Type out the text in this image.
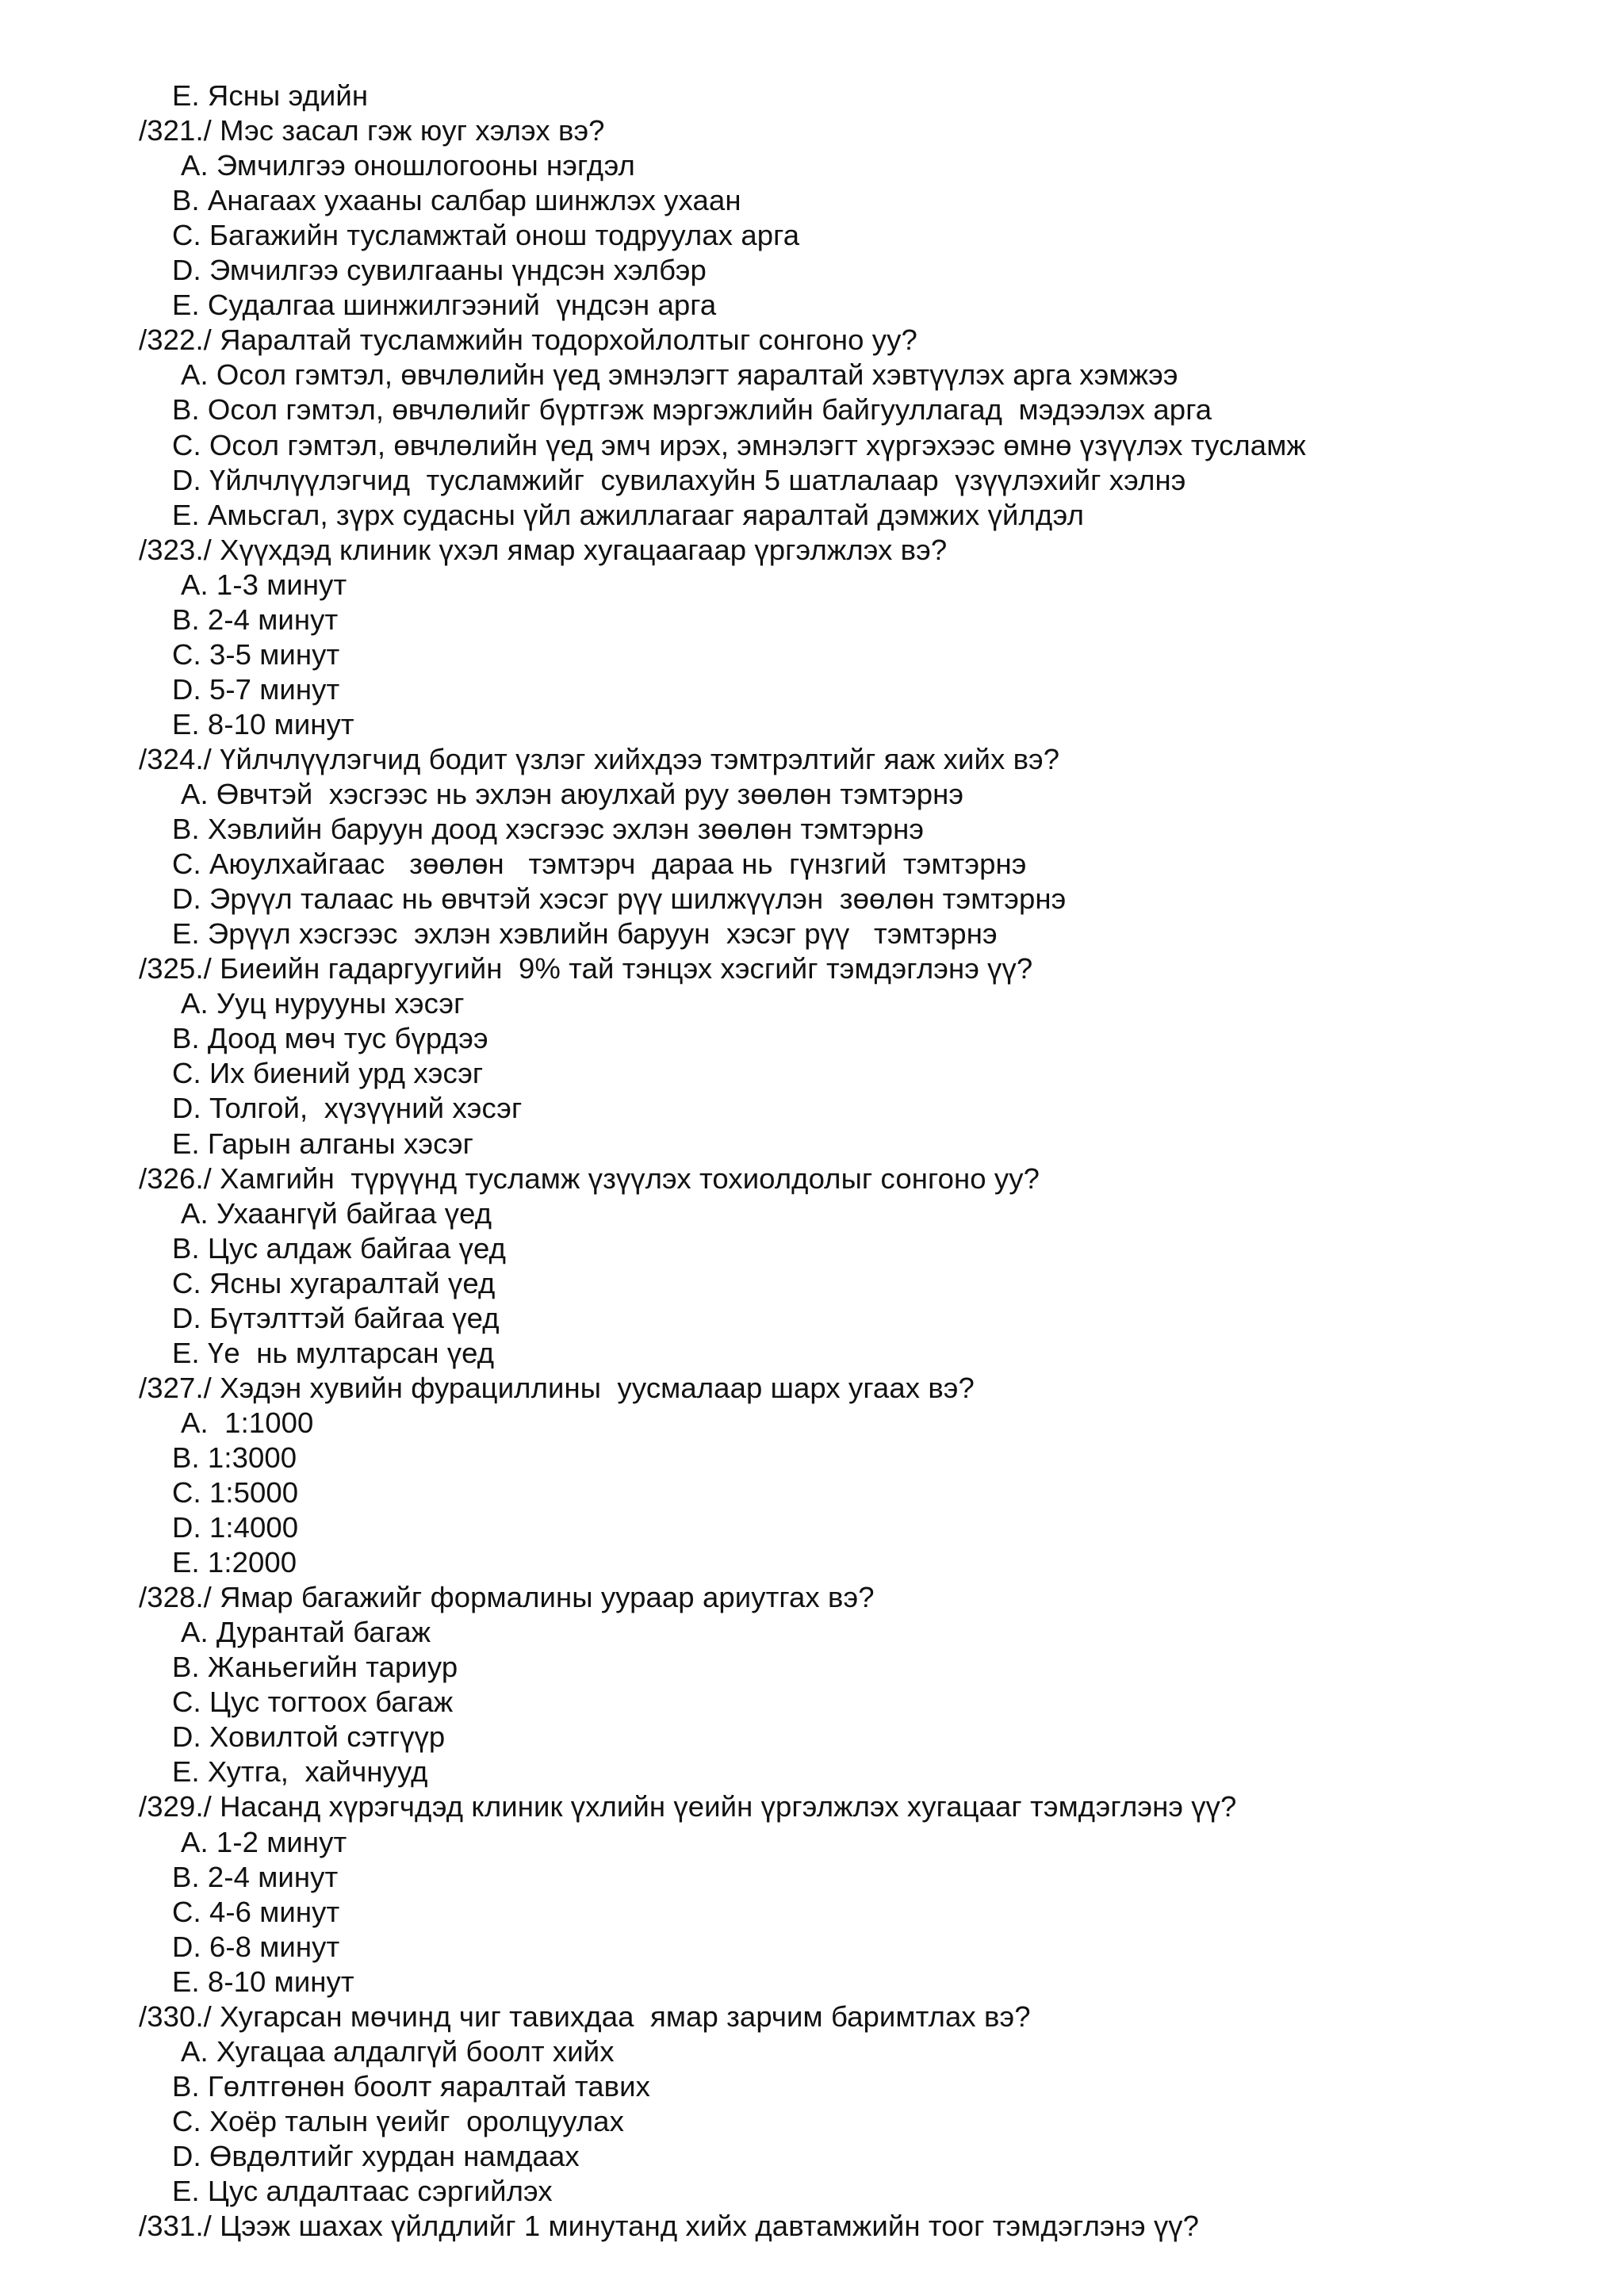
E. Ясны эдийн
/321./ Мэс засал гэж юуг хэлэх вэ?
A. Эмчилгээ оношлогооны нэгдэл
B. Анагаах ухааны салбар шинжлэх ухаан
C. Багажийн тусламжтай онош тодруулах арга
D. Эмчилгээ сувилгааны үндсэн хэлбэр
E. Судалгаа шинжилгээний  үндсэн арга
/322./ Яаралтай тусламжийн тодорхойлолтыг сонгоно уу?
A. Осол гэмтэл, өвчлөлийн үед эмнэлэгт яаралтай хэвтүүлэх арга хэмжээ
B. Осол гэмтэл, өвчлөлийг бүртгэж мэргэжлийн байгууллагад  мэдээлэх арга
C. Осол гэмтэл, өвчлөлийн үед эмч ирэх, эмнэлэгт хүргэхээс өмнө үзүүлэх тусламж
D. Үйлчлүүлэгчид  тусламжийг  сувилахуйн 5 шатлалаар  үзүүлэхийг хэлнэ
E. Амьсгал, зүрх судасны үйл ажиллагааг яаралтай дэмжих үйлдэл
/323./ Хүүхдэд клиник үхэл ямар хугацаагаар үргэлжлэх вэ?
A. 1-3 минут
B. 2-4 минут
C. 3-5 минут
D. 5-7 минут
E. 8-10 минут
/324./ Үйлчлүүлэгчид бодит үзлэг хийхдээ тэмтрэлтийг яаж хийх вэ?
A. Өвчтэй  хэсгээс нь эхлэн аюулхай руу зөөлөн тэмтэрнэ
B. Хэвлийн баруун доод хэсгээс эхлэн зөөлөн тэмтэрнэ
C. Аюулхайгаас   зөөлөн   тэмтэрч  дараа нь  гүнзгий  тэмтэрнэ
D. Эрүүл талаас нь өвчтэй хэсэг рүү шилжүүлэн  зөөлөн тэмтэрнэ
E. Эрүүл хэсгээс  эхлэн хэвлийн баруун  хэсэг рүү   тэмтэрнэ
/325./ Биеийн гадаргуугийн  9% тай тэнцэх хэсгийг тэмдэглэнэ үү?
A. Ууц нурууны хэсэг
B. Доод мөч тус бүрдээ
C. Их биений урд хэсэг
D. Толгой,  хүзүүний хэсэг
E. Гарын алганы хэсэг
/326./ Хамгийн  түрүүнд тусламж үзүүлэх тохиолдолыг сонгоно уу?
A. Ухаангүй байгаа үед
B. Цус алдаж байгаа үед
C. Ясны хугаралтай үед
D. Бүтэлттэй байгаа үед
E. Үе  нь мултарсан үед
/327./ Хэдэн хувийн фурациллины  уусмалаар шарх угаах вэ?
A.  1:1000
B. 1:3000
C. 1:5000
D. 1:4000
E. 1:2000
/328./ Ямар багажийг формалины уураар ариутгах вэ?
A. Дурантай багаж
B. Жаньегийн тариур
C. Цус тогтоох багаж
D. Ховилтой сэтгүүр
E. Хутга,  хайчнууд
/329./ Насанд хүрэгчдэд клиник үхлийн үеийн үргэлжлэх хугацааг тэмдэглэнэ үү?
A. 1-2 минут
B. 2-4 минут
C. 4-6 минут
D. 6-8 минут
E. 8-10 минут
/330./ Хугарсан мөчинд чиг тавихдаа  ямар зарчим баримтлах вэ?
A. Хугацаа алдалгүй боолт хийх
B. Гөлтгөнөн боолт яаралтай тавих
C. Хоёр талын үеийг  оролцуулах
D. Өвдөлтийг хурдан намдаах
E. Цус алдалтаас сэргийлэх
/331./ Цээж шахах үйлдлийг 1 минутанд хийх давтамжийн тоог тэмдэглэнэ үү?
